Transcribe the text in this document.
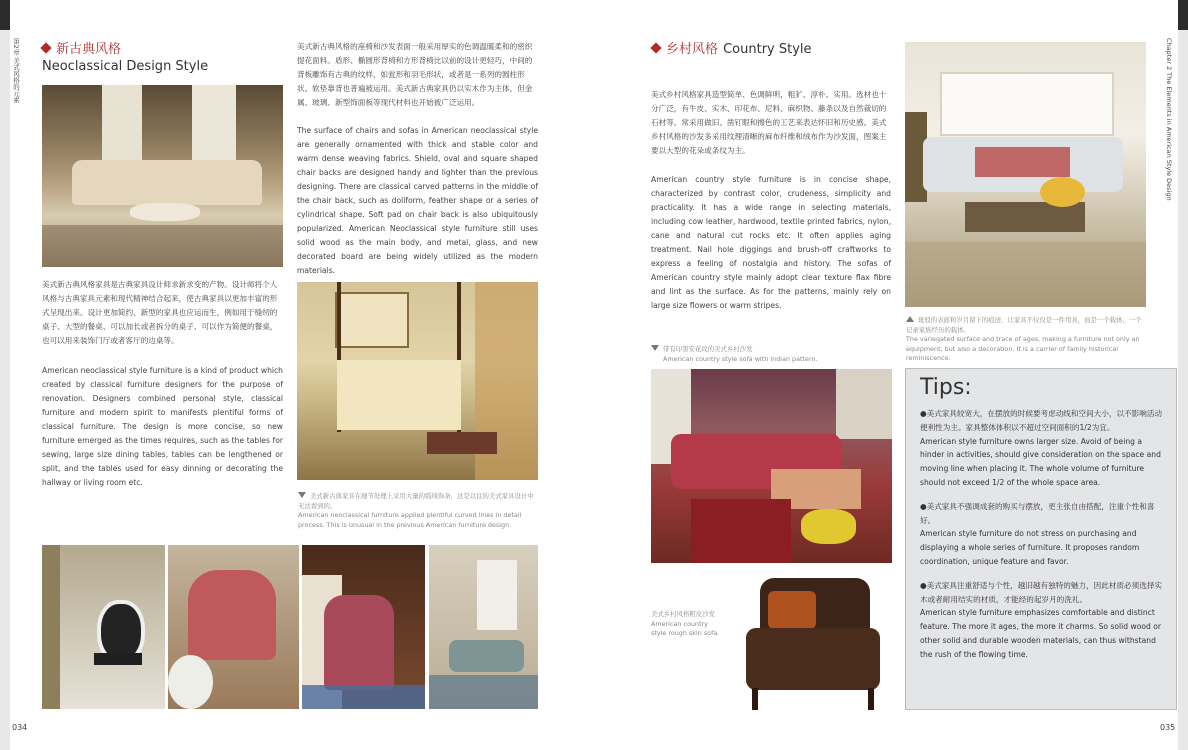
第2章 美式风格的元素	Chapter 2 The Elements in American Style Design
新古典风格
Neoclassical Design Style
美式新古典风格家具是古典家具设计师求新求变的产物。设计师将个人风格与古典家具元素和现代精神结合起来，使古典家具以更加丰富的形式呈现出来。设计更加简约、新型的家具也应运而生，例如用于缝纫的桌子、大型的餐桌、可以加长或者拆分的桌子、可以作为简便的餐桌，也可以用来装饰门厅或者客厅的边桌等。
American neoclassical style furniture is a kind of product which created by classical furniture designers for the purpose of renovation. Designers combined personal style, classical furniture and modern spirit to manifests plentiful forms of classical furniture. The design is more concise, so new furniture emerged as the times requires, such as the tables for sewing, large size dining tables, tables can be lengthened or split, and the tables used for easy dinning or decorating the hallway or living room etc.
美式新古典风格的座椅和沙发表面一般采用厚实的色调温暖柔和的密织提花面料。盾形、椭圆形背椅和方形背椅比以前的设计更轻巧，中间的背板雕饰有古典的纹样，如瓮形和羽毛形状，或者是一系列的圆柱形状。软垫靠背也普遍被运用。美式新古典家具仍以实木作为主体，但金属、玻璃、新型饰面板等现代材料也开始被广泛运用。
The surface of chairs and sofas in American neoclassical style are generally ornamented with thick and stable color and warm dense weaving fabrics. Shield, oval and square shaped chair backs are designed handy and lighter than the previous designing. There are classical carved patterns in the middle of the chair back, such as doliform, feather shape or a series of cylindrical shape. Soft pad on chair back is also ubiquitously popularized. American Neoclassical style furniture still uses solid wood as the main body, and metal, glass, and new decorated board are being widely utilized as the modern materials.
美式新古典家具在细节处理上采用大量的弧线饰条，这是以往的美式家具设计中无法看到的。
American neoclassical furniture applied plentiful curved lines in detail process. This is unusual in the previous American furniture design.
034
乡村风格 Country Style
美式乡村风格家具造型简单、色调鲜明，粗犷、淳朴、实用。选材也十分广泛，有牛皮、实木、印花布、尼料、麻织物、藤条以及自然裁切的石材等。常采用做旧、凿钉眼和擦色的工艺来表达怀旧和历史感。美式乡村风格的沙发多采用纹理清晰的麻布纤维和绒布作为沙发面，图案主要以大型的花朵或条纹为主。
American country style furniture is in concise shape, characterized by contrast color, crudeness, simplicity and practicality. It has a wide range in selecting materials, including cow leather, hardwood, textile printed fabrics, nylon, cane and natural cut rocks etc. It often applies aging treatment. Nail hole diggings and brush-off craftworks to express a feeling of nostalgia and history. The sofas of American country style mainly adopt clear texture flax fibre and lint as the surface. As for the patterns, mainly rely on large size flowers or warm stripes.
斑驳的表面和岁月留下的痕迹，让家具不仅仅是一件用具，而是一个载体，一个记录家族经历的载体。
The variegated surface and trace of ages, making a furniture not only an equipment, but also a decoration. It is a carrier of family historical reminiscence.
带有印第安花纹的美式乡村沙发
American country style sofa with Indian pattern.
美式乡村风格粗皮沙发
American country
style rough skin sofa.
Tips:

●美式家具较宽大，在摆放的时候要考虑动线和空间大小，以不影响活动便利性为主。家具整体体积以不超过空间面积的1/2为宜。
American style furniture owns larger size. Avoid of being a hinder in activities, should give consideration on the space and moving line when placing it. The whole volume of furniture should not exceed 1/2 of the whole space area.

●美式家具不强调成套的购买与摆放，更主张自由搭配，注重个性和喜好。
American style furniture do not stress on purchasing and displaying a whole series of furniture. It proposes random coordination, unique feature and favor.

●美式家具注重舒适与个性，越旧越有独特的魅力，因此材质必须选择实木或者耐用结实的材质，才能经的起岁月的洗礼。
American style furniture emphasizes comfortable and distinct feature. The more it ages, the more it charms. So solid wood or other solid and durable wooden materials, can thus withstand the rush of the flowing time.

035
